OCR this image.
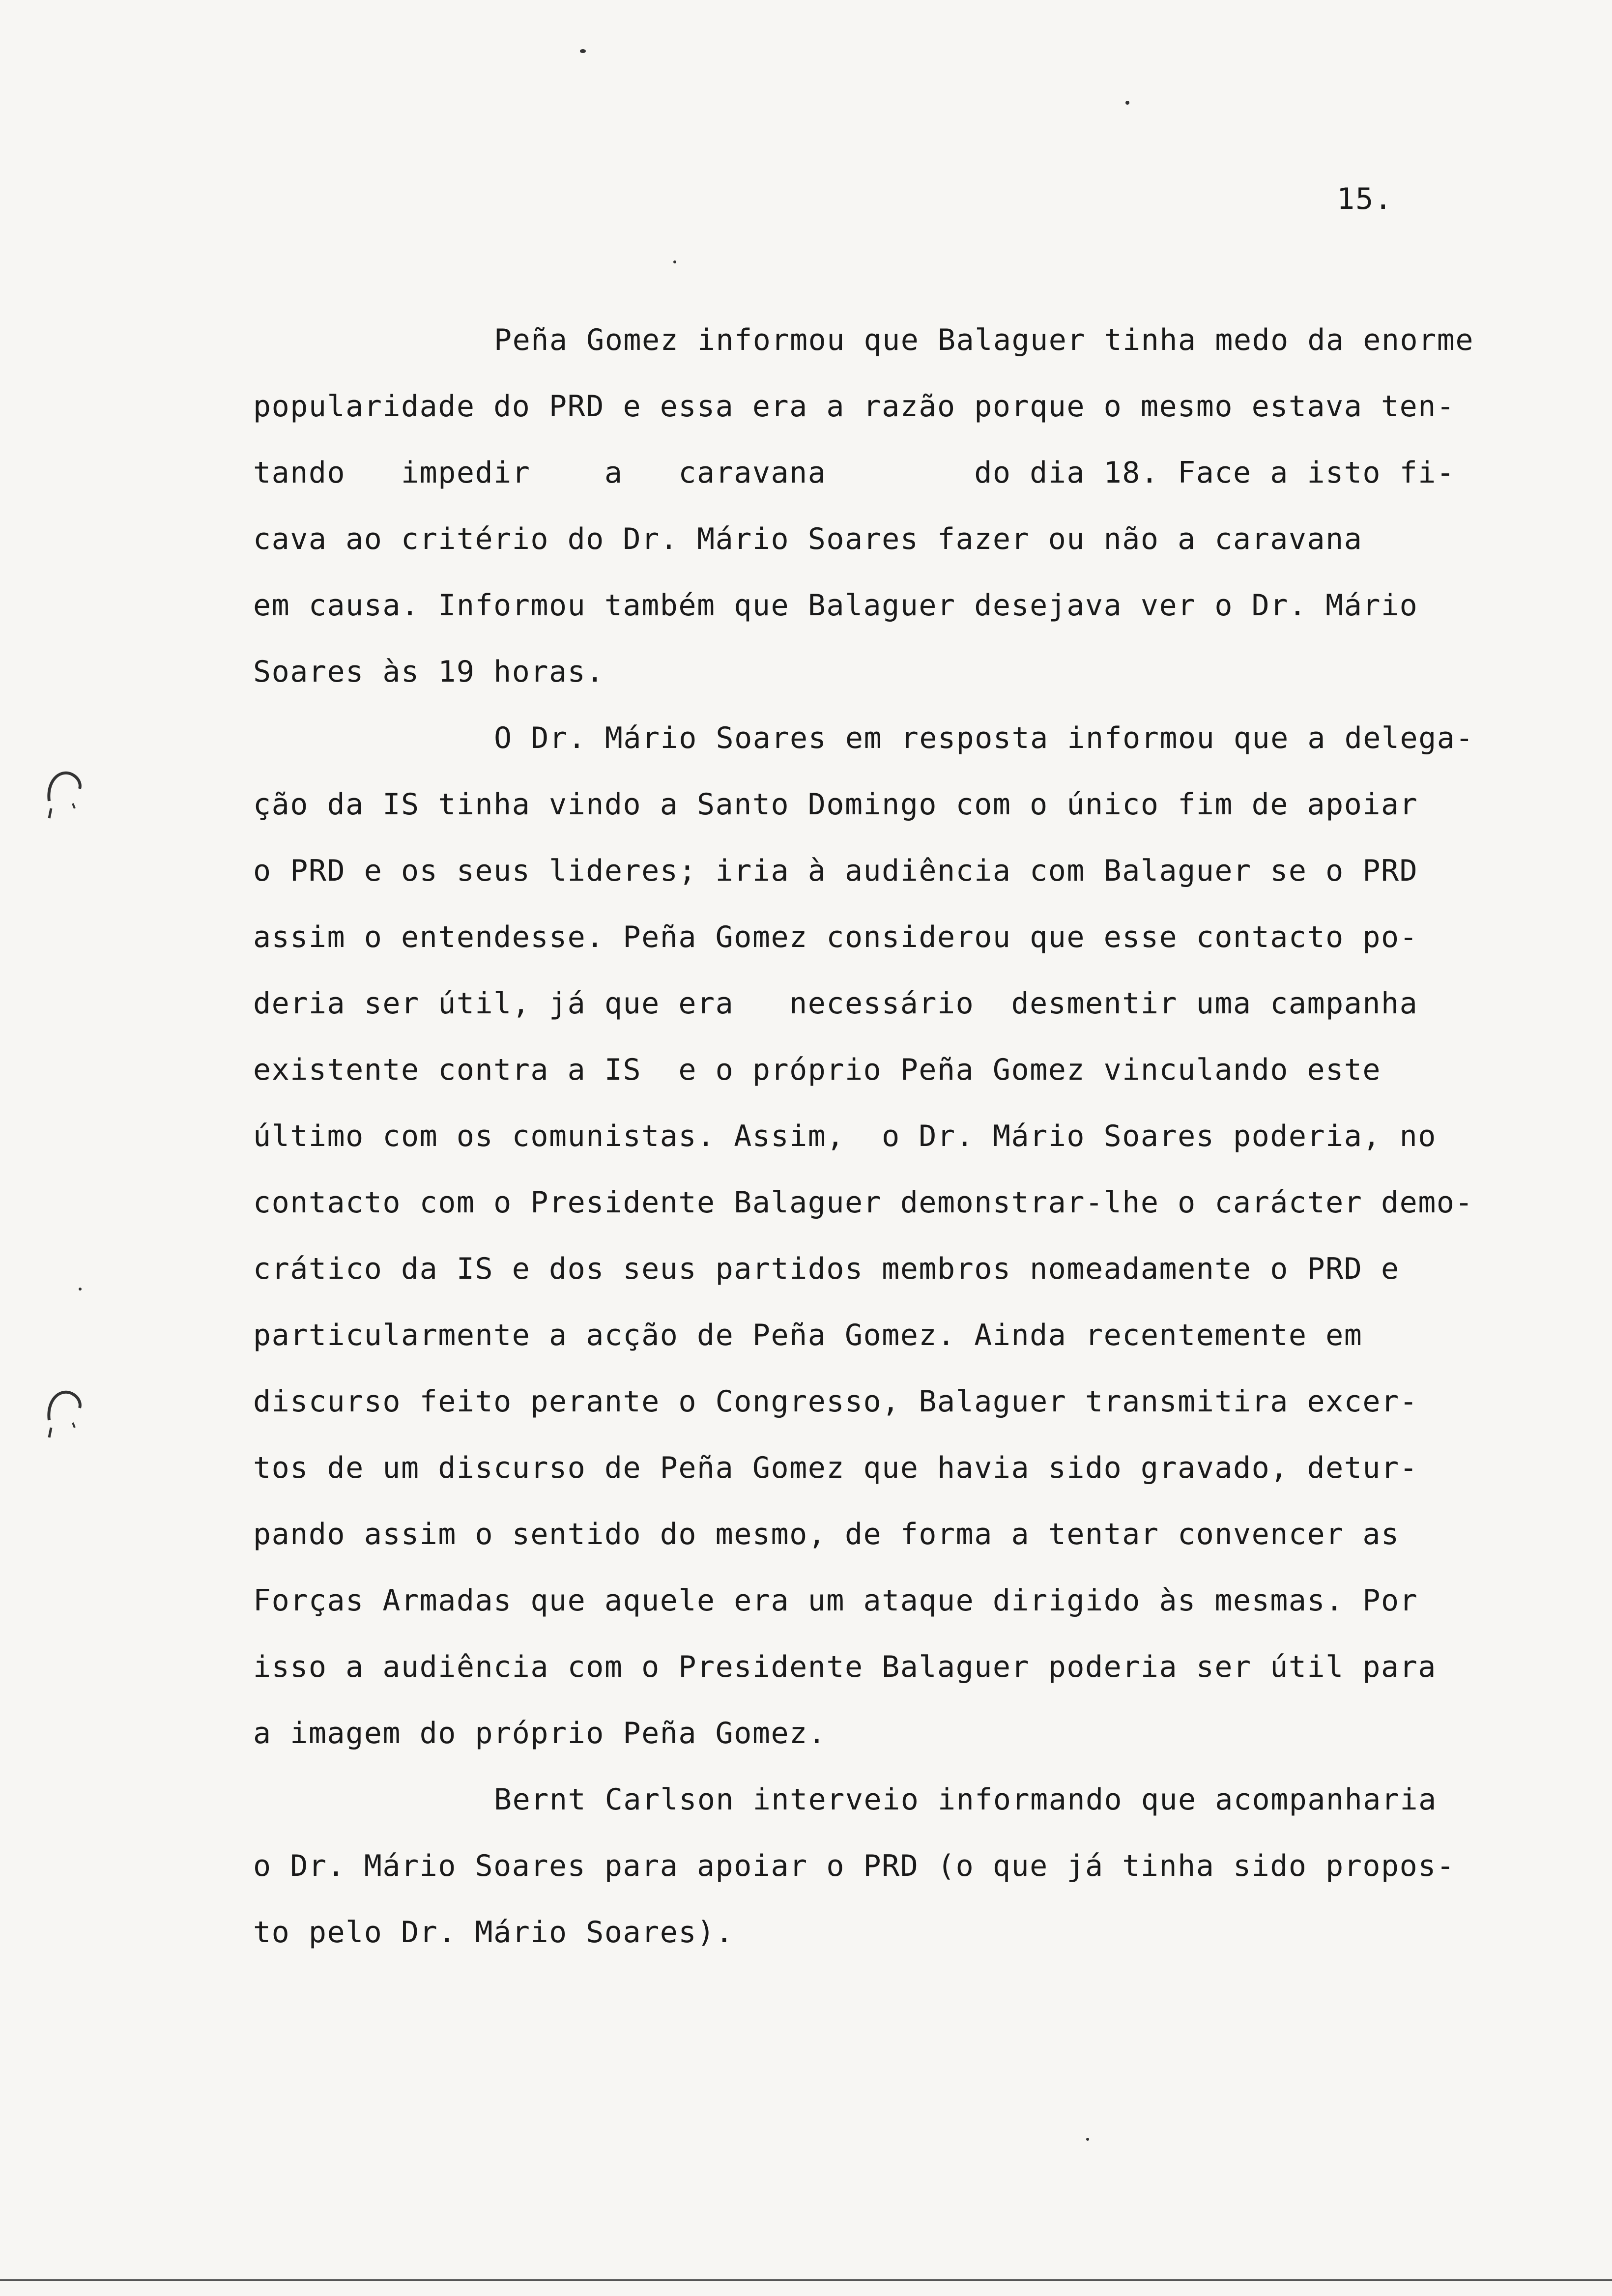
15.

Peña Gomez informou que Balaguer tinha medo da enorme
popularidade do PRD e essa era a razão porque o mesmo estava ten-
tando   impedir    a   caravana        do dia 18. Face a isto fi-
cava ao critério do Dr. Mário Soares fazer ou não a caravana
em causa. Informou também que Balaguer desejava ver o Dr. Mário
Soares às 19 horas.

O Dr. Mário Soares em resposta informou que a delega-
ção da IS tinha vindo a Santo Domingo com o único fim de apoiar
o PRD e os seus lideres; iria à audiência com Balaguer se o PRD
assim o entendesse. Peña Gomez considerou que esse contacto po-
deria ser útil, já que era   necessário  desmentir uma campanha
existente contra a IS  e o próprio Peña Gomez vinculando este
último com os comunistas. Assim,  o Dr. Mário Soares poderia, no
contacto com o Presidente Balaguer demonstrar-lhe o carácter demo-
crático da IS e dos seus partidos membros nomeadamente o PRD e
particularmente a acção de Peña Gomez. Ainda recentemente em
discurso feito perante o Congresso, Balaguer transmitira excer-
tos de um discurso de Peña Gomez que havia sido gravado, detur-
pando assim o sentido do mesmo, de forma a tentar convencer as
Forças Armadas que aquele era um ataque dirigido às mesmas. Por
isso a audiência com o Presidente Balaguer poderia ser útil para
a imagem do próprio Peña Gomez.

Bernt Carlson interveio informando que acompanharia
o Dr. Mário Soares para apoiar o PRD (o que já tinha sido propos-
to pelo Dr. Mário Soares).
